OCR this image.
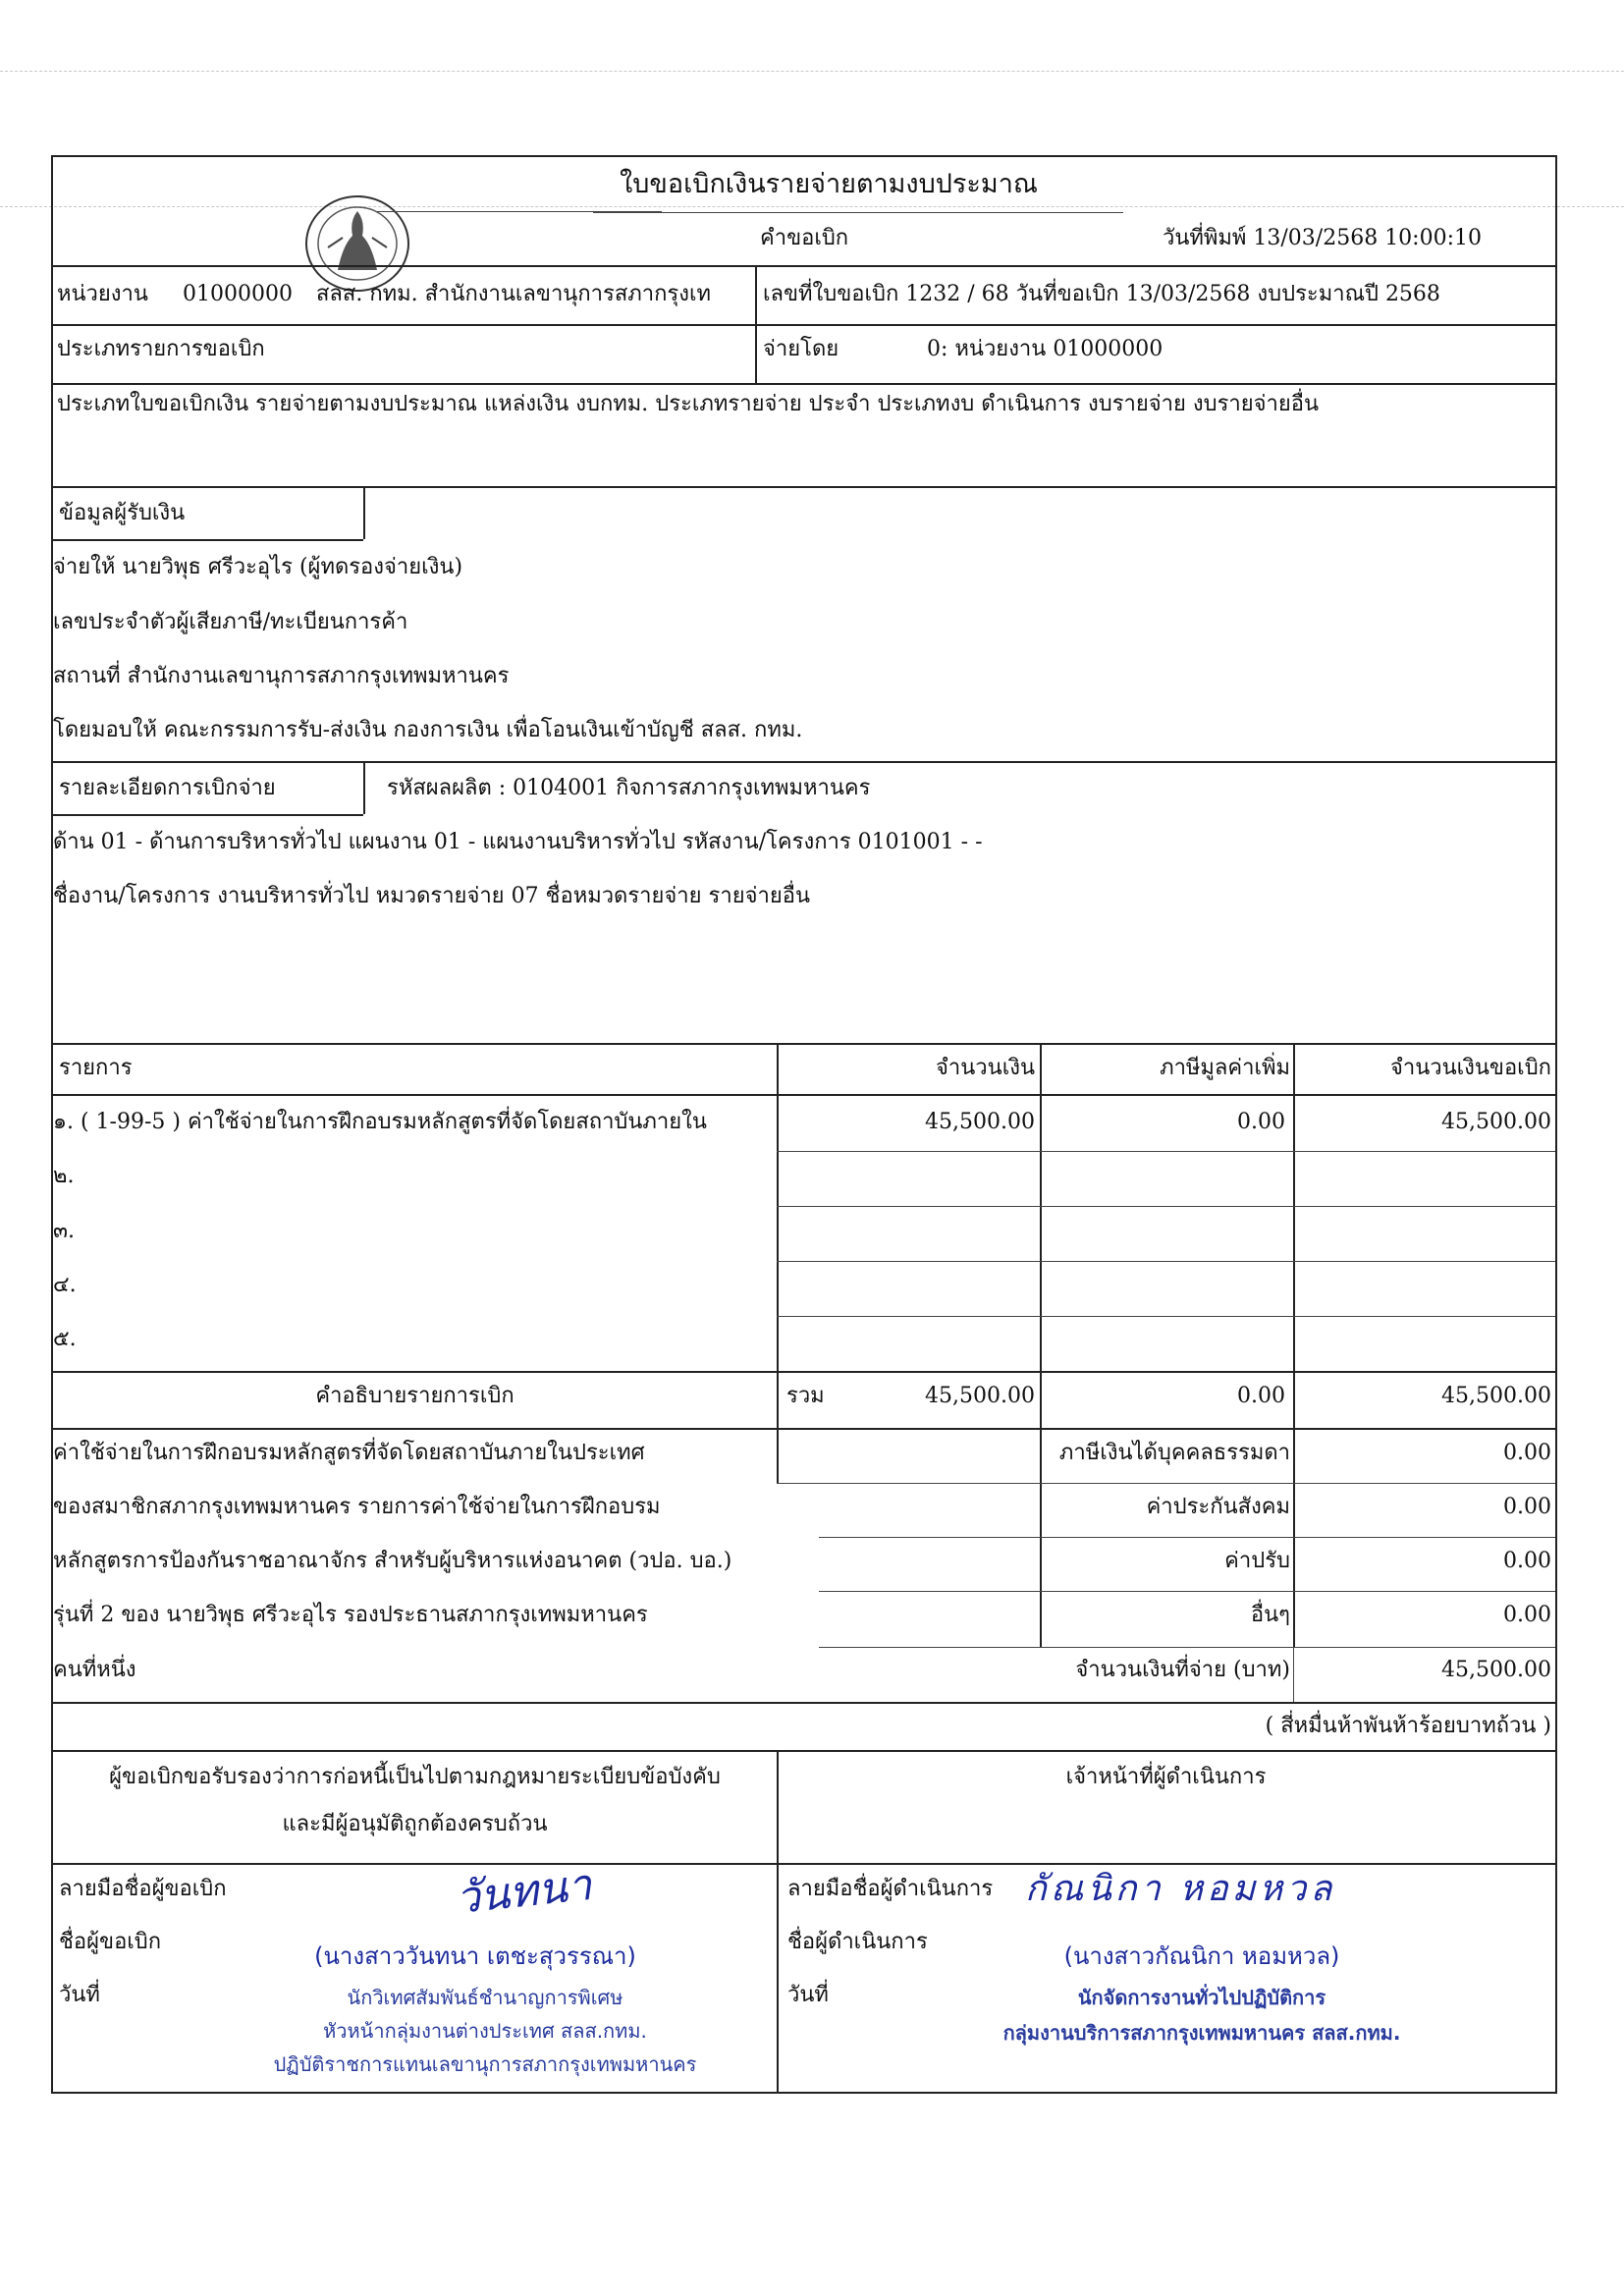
ใบขอเบิกเงินรายจ่ายตามงบประมาณ
คำขอเบิก	วันที่พิมพ์ 13/03/2568 10:00:10
หน่วยงาน 01000000 สลส. กทม. สำนักงานเลขานุการสภากรุงเท เลขที่ใบขอเบิก 1232 / 68 วันที่ขอเบิก 13/03/2568 งบประมาณปี 2568
ประเภทรายการขอเบิก	จ่ายโดย	0: หน่วยงาน 01000000
ประเภทใบขอเบิกเงิน รายจ่ายตามงบประมาณ แหล่งเงิน งบกทม. ประเภทรายจ่าย ประจำ ประเภทงบ ดำเนินการ งบรายจ่าย งบรายจ่ายอื่น
ข้อมูลผู้รับเงิน
จ่ายให้ นายวิพุธ ศรีวะอุไร (ผู้ทดรองจ่ายเงิน)
เลขประจำตัวผู้เสียภาษี/ทะเบียนการค้า
สถานที่ สำนักงานเลขานุการสภากรุงเทพมหานคร
โดยมอบให้ คณะกรรมการรับ-ส่งเงิน กองการเงิน เพื่อโอนเงินเข้าบัญชี สลส. กทม.
รายละเอียดการเบิกจ่าย	รหัสผลผลิต : 0104001 กิจการสภากรุงเทพมหานคร
ด้าน 01 - ด้านการบริหารทั่วไป แผนงาน 01 - แผนงานบริหารทั่วไป รหัสงาน/โครงการ 0101001 - -
ชื่องาน/โครงการ งานบริหารทั่วไป หมวดรายจ่าย 07 ชื่อหมวดรายจ่าย รายจ่ายอื่น
รายการ	จำนวนเงิน	ภาษีมูลค่าเพิ่ม	จำนวนเงินขอเบิก
๑. ( 1-99-5 ) ค่าใช้จ่ายในการฝึกอบรมหลักสูตรที่จัดโดยสถาบันภายใน	45,500.00	0.00	45,500.00
๒.
๓.
๔.
๕.
คำอธิบายรายการเบิก	รวม	45,500.00	0.00	45,500.00
ค่าใช้จ่ายในการฝึกอบรมหลักสูตรที่จัดโดยสถาบันภายในประเทศ
ของสมาชิกสภากรุงเทพมหานคร รายการค่าใช้จ่ายในการฝึกอบรม
หลักสูตรการป้องกันราชอาณาจักร สำหรับผู้บริหารแห่งอนาคต (วปอ. บอ.)
รุ่นที่ 2 ของ นายวิพุธ ศรีวะอุไร รองประธานสภากรุงเทพมหานคร
คนที่หนึ่ง
ภาษีเงินได้บุคคลธรรมดา	0.00
ค่าประกันสังคม	0.00
ค่าปรับ	0.00
อื่นๆ	0.00
จำนวนเงินที่จ่าย (บาท)	45,500.00
( สี่หมื่นห้าพันห้าร้อยบาทถ้วน )
ผู้ขอเบิกขอรับรองว่าการก่อหนี้เป็นไปตามกฎหมายระเบียบข้อบังคับ
และมีผู้อนุมัติถูกต้องครบถ้วน
เจ้าหน้าที่ผู้ดำเนินการ
ลายมือชื่อผู้ขอเบิก
ชื่อผู้ขอเบิก
วันที่
วันทนา
(นางสาววันทนา เตชะสุวรรณา)
นักวิเทศสัมพันธ์ชำนาญการพิเศษ
หัวหน้ากลุ่มงานต่างประเทศ สลส.กทม.
ปฏิบัติราชการแทนเลขานุการสภากรุงเทพมหานคร
ลายมือชื่อผู้ดำเนินการ
ชื่อผู้ดำเนินการ
วันที่
กัณนิกา หอมหวล
(นางสาวกัณนิกา หอมหวล)
นักจัดการงานทั่วไปปฏิบัติการ
กลุ่มงานบริการสภากรุงเทพมหานคร สลส.กทม.
